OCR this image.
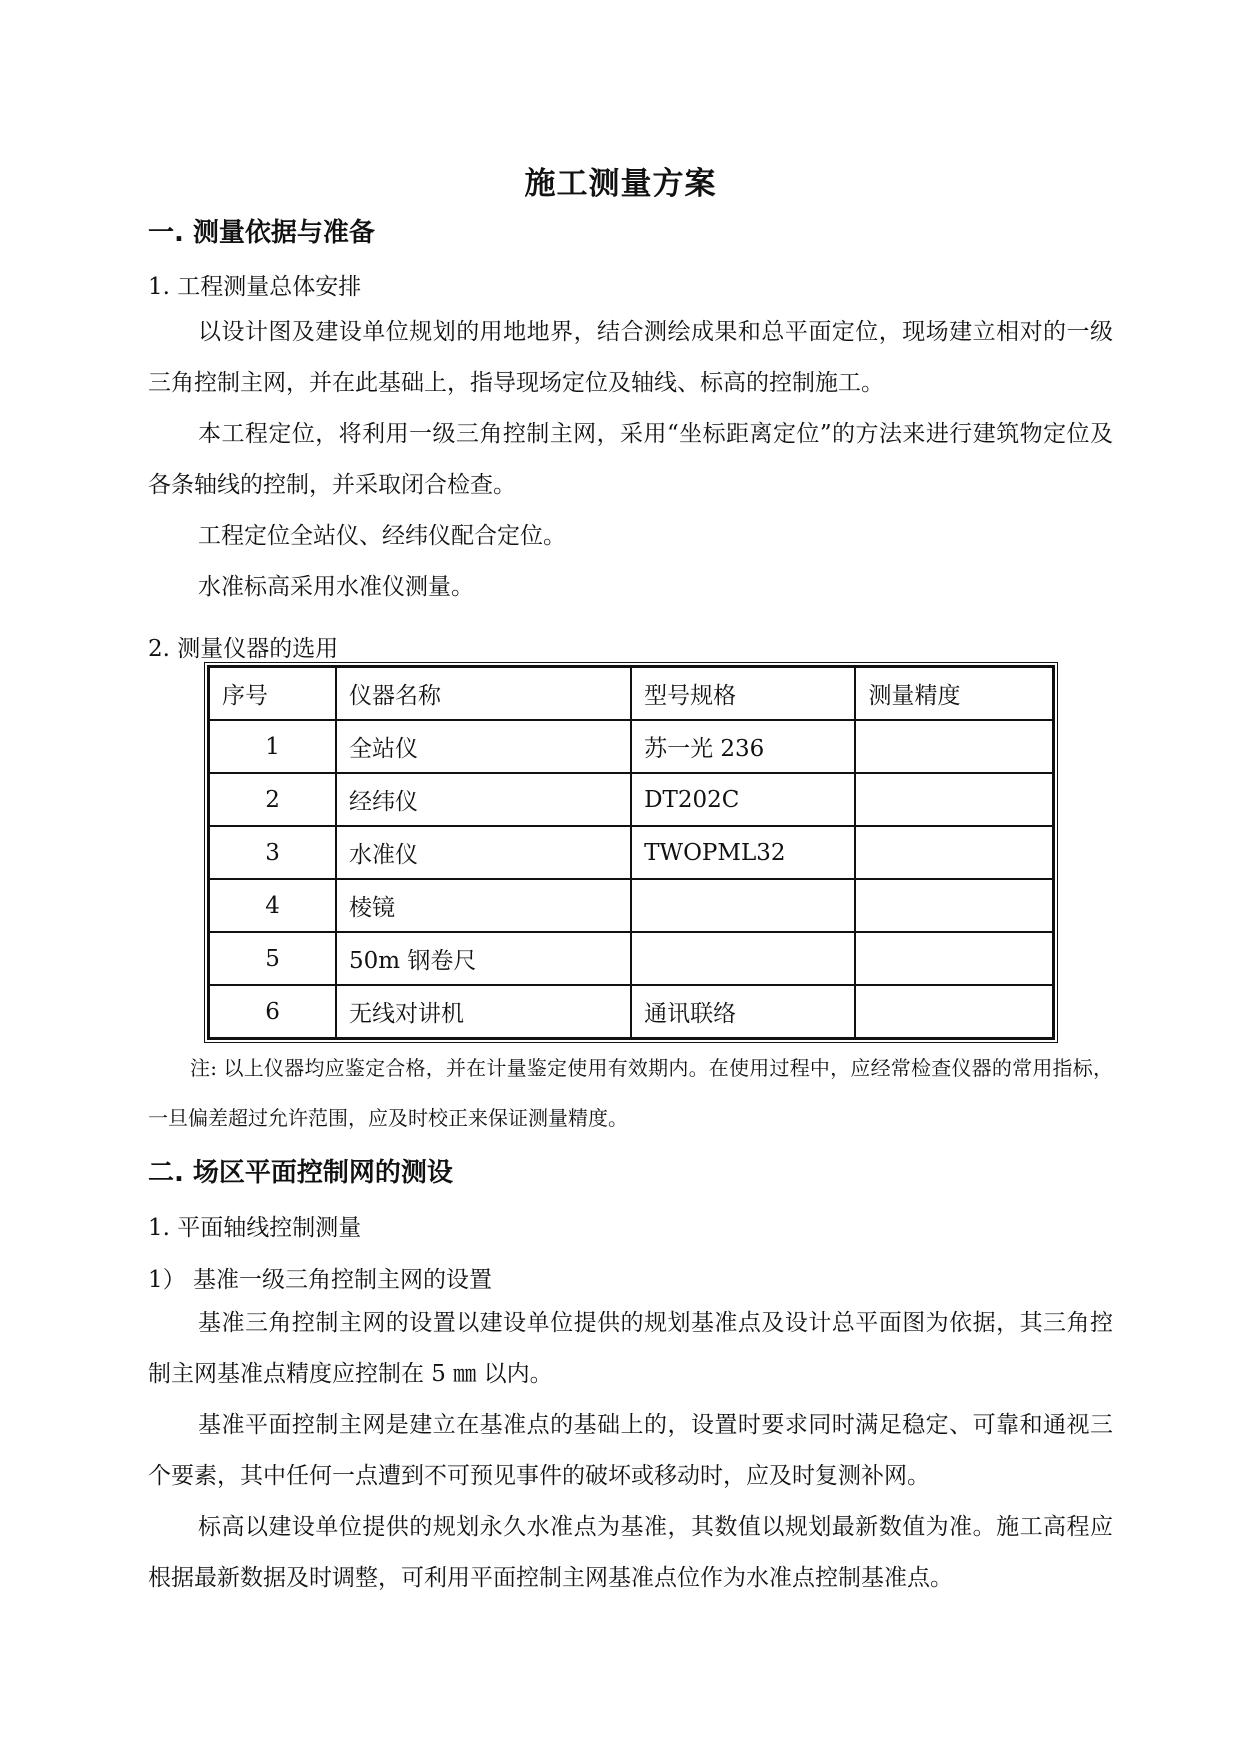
施工测量方案
一. 测量依据与准备
1. 工程测量总体安排
以设计图及建设单位规划的用地地界，结合测绘成果和总平面定位，现场建立相对的一级三角控制主网，并在此基础上，指导现场定位及轴线、标高的控制施工。
本工程定位，将利用一级三角控制主网，采用“坐标距离定位”的方法来进行建筑物定位及各条轴线的控制，并采取闭合检查。
工程定位全站仪、经纬仪配合定位。
水准标高采用水准仪测量。
2. 测量仪器的选用
序号	仪器名称	型号规格	测量精度
1	全站仪	苏一光 236	
2	经纬仪	DT202C	
3	水准仪	TWOPML32	
4	棱镜		
5	50m 钢卷尺		
6	无线对讲机	通讯联络	
注: 以上仪器均应鉴定合格，并在计量鉴定使用有效期内。在使用过程中，应经常检查仪器的常用指标，一旦偏差超过允许范围，应及时校正来保证测量精度。
二. 场区平面控制网的测设
1. 平面轴线控制测量
1） 基准一级三角控制主网的设置
基准三角控制主网的设置以建设单位提供的规划基准点及设计总平面图为依据，其三角控制主网基准点精度应控制在 5 ㎜ 以内。
基准平面控制主网是建立在基准点的基础上的，设置时要求同时满足稳定、可靠和通视三个要素，其中任何一点遭到不可预见事件的破坏或移动时，应及时复测补网。
标高以建设单位提供的规划永久水准点为基准，其数值以规划最新数值为准。施工高程应根据最新数据及时调整，可利用平面控制主网基准点位作为水准点控制基准点。
